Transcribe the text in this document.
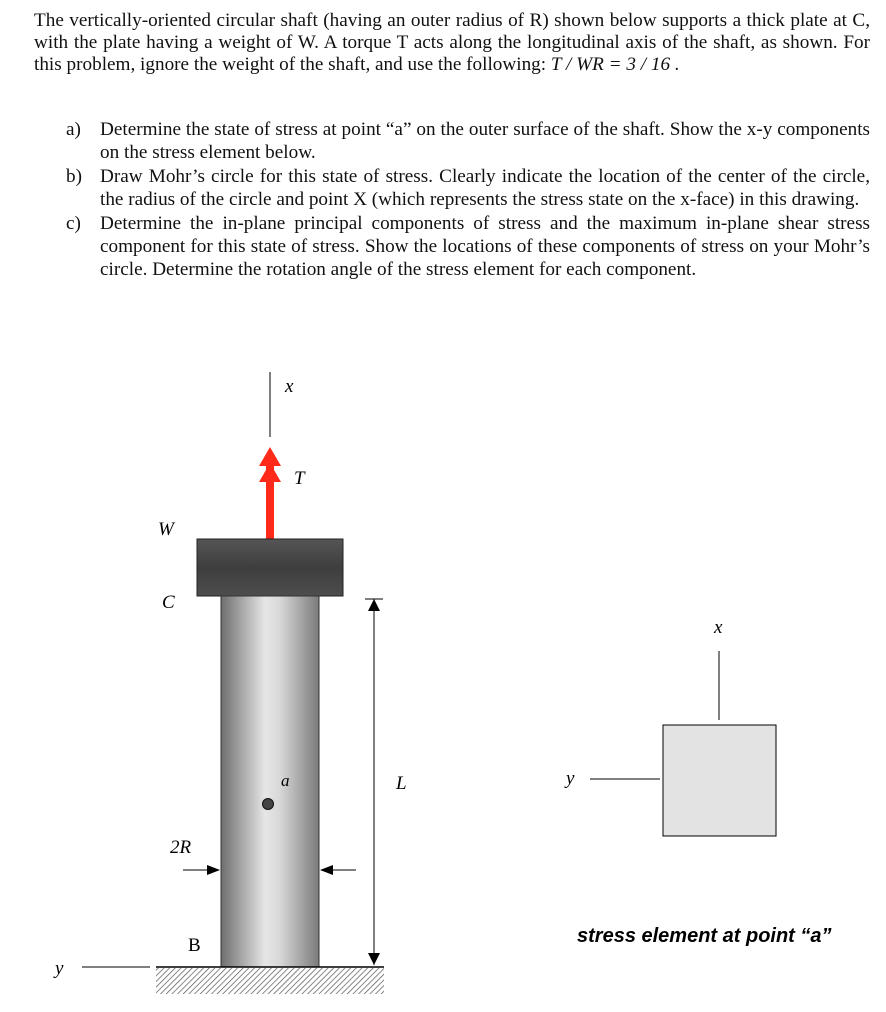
The vertically-oriented circular shaft (having an outer radius of R) shown below supports a thick plate at C, with the plate having a weight of W. A torque T acts along the longitudinal axis of the shaft, as shown. For this problem, ignore the weight of the shaft, and use the following: T / WR = 3 / 16 .

a) Determine the state of stress at point “a” on the outer surface of the shaft. Show the x-y components on the stress element below.
b) Draw Mohr’s circle for this state of stress. Clearly indicate the location of the center of the circle, the radius of the circle and point X (which represents the stress state on the x-face) in this drawing.
c) Determine the in-plane principal components of stress and the maximum in-plane shear stress component for this state of stress. Show the locations of these components of stress on your Mohr’s circle. Determine the rotation angle of the stress element for each component.
x
T
W
C
a	L
2R
B
y
x
y
stress element at point “a”
